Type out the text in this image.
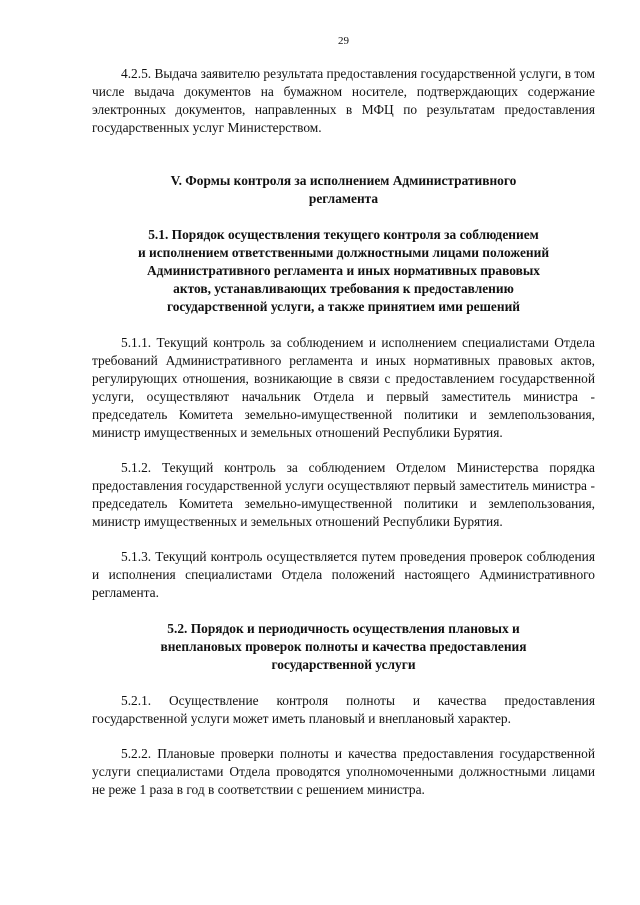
29

4.2.5. Выдача заявителю результата предоставления государственной услуги, в том числе выдача документов на бумажном носителе, подтверждающих содержание электронных документов, направленных в МФЦ по результатам предоставления государственных услуг Министерством.

V. Формы контроля за исполнением Административного
регламента
5.1. Порядок осуществления текущего контроля за соблюдением
и исполнением ответственными должностными лицами положений
Административного регламента и иных нормативных правовых
актов, устанавливающих требования к предоставлению
государственной услуги, а также принятием ими решений

5.1.1. Текущий контроль за соблюдением и исполнением специалистами Отдела требований Административного регламента и иных нормативных правовых актов, регулирующих отношения, возникающие в связи с предоставлением государственной услуги, осуществляют начальник Отдела и первый заместитель министра - председатель Комитета земельно-имущественной политики и землепользования, министр имущественных и земельных отношений Республики Бурятия.

5.1.2. Текущий контроль за соблюдением Отделом Министерства порядка предоставления государственной услуги осуществляют первый заместитель министра - председатель Комитета земельно-имущественной политики и землепользования, министр имущественных и земельных отношений Республики Бурятия.

5.1.3. Текущий контроль осуществляется путем проведения проверок соблюдения и исполнения специалистами Отдела положений настоящего Административного регламента.

5.2. Порядок и периодичность осуществления плановых и
внеплановых проверок полноты и качества предоставления
государственной услуги

5.2.1. Осуществление контроля полноты и качества предоставления государственной услуги может иметь плановый и внеплановый характер.

5.2.2. Плановые проверки полноты и качества предоставления государственной услуги специалистами Отдела проводятся уполномоченными должностными лицами не реже 1 раза в год в соответствии с решением министра.
